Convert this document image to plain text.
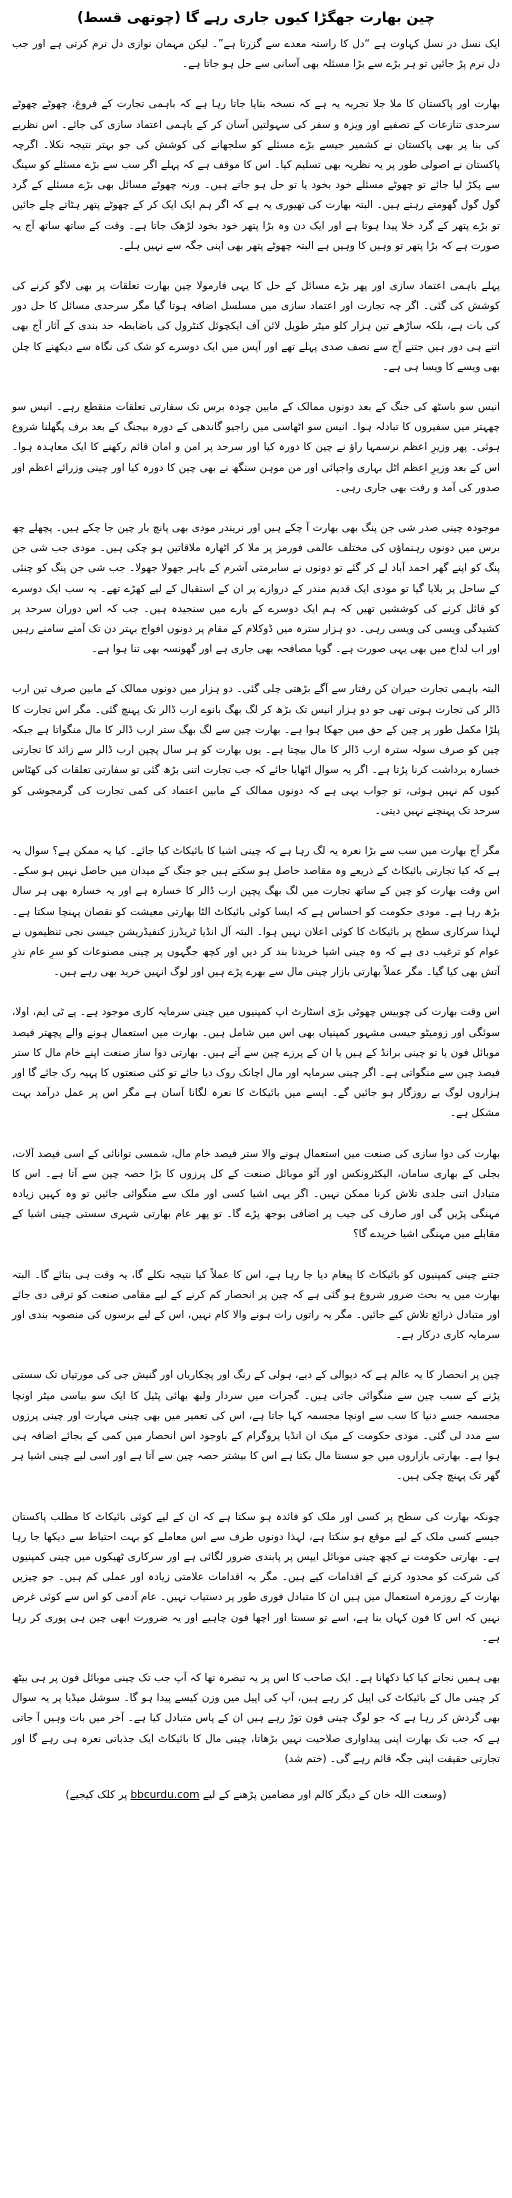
چین بھارت جھگڑا کیوں جاری رہے گا (چوتھی قسط)

ایک نسل در نسل کہاوت ہے “دل کا راستہ معدے سے گزرتا ہے”۔ لیکن مہمان نوازی دل نرم کرتی ہے اور جب دل نرم پڑ جائیں تو ہر بڑے سے بڑا مسئلہ بھی آسانی سے حل ہو جاتا ہے۔

بھارت اور پاکستان کا ملا جلا تجربہ یہ ہے کہ نسخہ بتایا جاتا رہا ہے کہ باہمی تجارت کے فروغ، چھوٹے چھوٹے سرحدی تنازعات کے تصفیے اور ویزہ و سفر کی سہولتیں آسان کر کے باہمی اعتماد سازی کی جائے۔ اس نظریے کی بنا پر بھی پاکستان نے کشمیر جیسے بڑے مسئلے کو سلجھانے کی کوشش کی جو بہتر نتیجہ نکلا۔ اگرچہ پاکستان نے اصولی طور پر یہ نظریہ بھی تسلیم کیا۔ اس کا موقف ہے کہ پہلے اگر سب سے بڑے مسئلے کو سینگ سے پکڑ لیا جائے تو چھوٹے مسئلے خود بخود یا تو حل ہو جاتے ہیں۔ ورنہ چھوٹے مسائل بھی بڑے مسئلے کے گرد گول گول گھومتے رہتے ہیں۔ البتہ بھارت کی تھیوری یہ ہے کہ اگر ہم ایک ایک کر کے چھوٹے پتھر ہٹاتے چلے جائیں تو بڑے پتھر کے گرد خلا پیدا ہوتا ہے اور ایک دن وہ بڑا پتھر خود بخود لڑھک جاتا ہے۔ وقت کے ساتھ ساتھ آج یہ صورت ہے کہ بڑا پتھر تو وہیں کا وہیں ہے البتہ چھوٹے پتھر بھی اپنی جگہ سے نہیں ہلے۔

پہلے باہمی اعتماد سازی اور پھر بڑے مسائل کے حل کا یہی فارمولا چین بھارت تعلقات پر بھی لاگو کرنے کی کوشش کی گئی۔ اگر چہ تجارت اور اعتماد سازی میں مسلسل اضافہ ہوتا گیا مگر سرحدی مسائل کا حل دور کی بات ہے، بلکہ ساڑھے تین ہزار کلو میٹر طویل لائن آف ایکچوئل کنٹرول کی باضابطہ حد بندی کے آثار آج بھی اتنے ہی دور ہیں جتنے آج سے نصف صدی پہلے تھے اور آپس میں ایک دوسرے کو شک کی نگاہ سے دیکھنے کا چلن بھی ویسے کا ویسا ہی ہے۔

انیس سو باسٹھ کی جنگ کے بعد دونوں ممالک کے مابین چودہ برس تک سفارتی تعلقات منقطع رہے۔ انیس سو چھہتر میں سفیروں کا تبادلہ ہوا۔ انیس سو اٹھاسی میں راجیو گاندھی کے دورہ بیجنگ کے بعد برف پگھلنا شروع ہوئی۔ پھر وزیرِ اعظم نرسمہا راؤ نے چین کا دورہ کیا اور سرحد پر امن و امان قائم رکھنے کا ایک معاہدہ ہوا۔ اس کے بعد وزیرِ اعظم اٹل بہاری واجپائی اور من موہن سنگھ نے بھی چین کا دورہ کیا اور چینی وزرائے اعظم اور صدور کی آمد و رفت بھی جاری رہی۔

موجودہ چینی صدر شی جن پنگ بھی بھارت آ چکے ہیں اور نریندر مودی بھی پانچ بار چین جا چکے ہیں۔ پچھلے چھ برس میں دونوں رہنماؤں کی مختلف عالمی فورمز پر ملا کر اٹھارہ ملاقاتیں ہو چکی ہیں۔ مودی جب شی جن پنگ کو اپنے گھر احمد آباد لے کر گئے تو دونوں نے سابرمتی آشرم کے باہر جھولا جھولا۔ جب شی جن پنگ کو چنئی کے ساحل پر بلایا گیا تو مودی ایک قدیم مندر کے دروازے پر ان کے استقبال کے لیے کھڑے تھے۔ یہ سب ایک دوسرے کو قائل کرنے کی کوششیں تھیں کہ ہم ایک دوسرے کے بارے میں سنجیدہ ہیں۔ جب کہ اس دوران سرحد پر کشیدگی ویسی کی ویسی رہی۔ دو ہزار سترہ میں ڈوکلام کے مقام پر دونوں افواج بہتر دن تک آمنے سامنے رہیں اور اب لداخ میں بھی یہی صورت ہے۔ گویا مصافحہ بھی جاری ہے اور گھونسہ بھی تنا ہوا ہے۔

البتہ باہمی تجارت حیران کن رفتار سے آگے بڑھتی چلی گئی۔ دو ہزار میں دونوں ممالک کے مابین صرف تین ارب ڈالر کی تجارت ہوتی تھی جو دو ہزار انیس تک بڑھ کر لگ بھگ بانوے ارب ڈالر تک پہنچ گئی۔ مگر اس تجارت کا پلڑا مکمل طور پر چین کے حق میں جھکا ہوا ہے۔ بھارت چین سے لگ بھگ ستر ارب ڈالر کا مال منگواتا ہے جبکہ چین کو صرف سولہ سترہ ارب ڈالر کا مال بیچتا ہے۔ یوں بھارت کو ہر سال پچپن ارب ڈالر سے زائد کا تجارتی خسارہ برداشت کرنا پڑتا ہے۔ اگر یہ سوال اٹھایا جائے کہ جب تجارت اتنی بڑھ گئی تو سفارتی تعلقات کی کھٹاس کیوں کم نہیں ہوئی، تو جواب یہی ہے کہ دونوں ممالک کے مابین اعتماد کی کمی تجارت کی گرمجوشی کو سرحد تک پہنچنے نہیں دیتی۔

مگر آج بھارت میں سب سے بڑا نعرہ یہ لگ رہا ہے کہ چینی اشیا کا بائیکاٹ کیا جائے۔ کیا یہ ممکن ہے؟ سوال یہ ہے کہ کیا تجارتی بائیکاٹ کے ذریعے وہ مقاصد حاصل ہو سکتے ہیں جو جنگ کے میدان میں حاصل نہیں ہو سکے۔ اس وقت بھارت کو چین کے ساتھ تجارت میں لگ بھگ پچپن ارب ڈالر کا خسارہ ہے اور یہ خسارہ بھی ہر سال بڑھ رہا ہے۔ مودی حکومت کو احساس ہے کہ ایسا کوئی بائیکاٹ الٹا بھارتی معیشت کو نقصان پہنچا سکتا ہے۔ لہذا سرکاری سطح پر بائیکاٹ کا کوئی اعلان نہیں ہوا۔ البتہ آل انڈیا ٹریڈرز کنفیڈریشن جیسی نجی تنظیموں نے عوام کو ترغیب دی ہے کہ وہ چینی اشیا خریدنا بند کر دیں اور کچھ جگہوں پر چینی مصنوعات کو سرِ عام نذرِ آتش بھی کیا گیا۔ مگر عملاً بھارتی بازار چینی مال سے بھرے پڑے ہیں اور لوگ انہیں خرید بھی رہے ہیں۔

اس وقت بھارت کی چوبیس چھوٹی بڑی اسٹارٹ اپ کمپنیوں میں چینی سرمایہ کاری موجود ہے۔ پے ٹی ایم، اولا، سوئگی اور زومیٹو جیسی مشہور کمپنیاں بھی اس میں شامل ہیں۔ بھارت میں استعمال ہونے والے پچھتر فیصد موبائل فون یا تو چینی برانڈ کے ہیں یا ان کے پرزے چین سے آتے ہیں۔ بھارتی دوا ساز صنعت اپنے خام مال کا ستر فیصد چین سے منگواتی ہے۔ اگر چینی سرمایہ اور مال اچانک روک دیا جائے تو کئی صنعتوں کا پہیہ رک جائے گا اور ہزاروں لوگ بے روزگار ہو جائیں گے۔ ایسے میں بائیکاٹ کا نعرہ لگانا آسان ہے مگر اس پر عمل درآمد بہت مشکل ہے۔

بھارت کی دوا سازی کی صنعت میں استعمال ہونے والا ستر فیصد خام مال، شمسی توانائی کے اسی فیصد آلات، بجلی کے بھاری سامان، الیکٹرونکس اور آٹو موبائل صنعت کے کل پرزوں کا بڑا حصہ چین سے آتا ہے۔ اس کا متبادل اتنی جلدی تلاش کرنا ممکن نہیں۔ اگر یہی اشیا کسی اور ملک سے منگوائی جائیں تو وہ کہیں زیادہ مہنگی پڑیں گی اور صارف کی جیب پر اضافی بوجھ پڑے گا۔ تو پھر عام بھارتی شہری سستی چینی اشیا کے مقابلے میں مہنگی اشیا خریدے گا؟

جتنے چینی کمپنیوں کو بائیکاٹ کا پیغام دیا جا رہا ہے، اس کا عملاً کیا نتیجہ نکلے گا، یہ وقت ہی بتائے گا۔ البتہ بھارت میں یہ بحث ضرور شروع ہو گئی ہے کہ چین پر انحصار کم کرنے کے لیے مقامی صنعت کو ترقی دی جائے اور متبادل ذرائع تلاش کیے جائیں۔ مگر یہ راتوں رات ہونے والا کام نہیں، اس کے لیے برسوں کی منصوبہ بندی اور سرمایہ کاری درکار ہے۔

چین پر انحصار کا یہ عالم ہے کہ دیوالی کے دیے، ہولی کے رنگ اور پچکاریاں اور گنیش جی کی مورتیاں تک سستی پڑنے کے سبب چین سے منگوائی جاتی ہیں۔ گجرات میں سردار ولبھ بھائی پٹیل کا ایک سو بیاسی میٹر اونچا مجسمہ جسے دنیا کا سب سے اونچا مجسمہ کہا جاتا ہے، اس کی تعمیر میں بھی چینی مہارت اور چینی پرزوں سے مدد لی گئی۔ مودی حکومت کے میک ان انڈیا پروگرام کے باوجود اس انحصار میں کمی کے بجائے اضافہ ہی ہوا ہے۔ بھارتی بازاروں میں جو سستا مال بکتا ہے اس کا بیشتر حصہ چین سے آتا ہے اور اسی لیے چینی اشیا ہر گھر تک پہنچ چکی ہیں۔

چونکہ بھارت کی سطح پر کسی اور ملک کو فائدہ ہو سکتا ہے کہ ان کے لیے کوئی بائیکاٹ کا مطلب پاکستان جیسے کسی ملک کے لیے موقع ہو سکتا ہے، لہذا دونوں طرف سے اس معاملے کو بہت احتیاط سے دیکھا جا رہا ہے۔ بھارتی حکومت نے کچھ چینی موبائل ایپس پر پابندی ضرور لگائی ہے اور سرکاری ٹھیکوں میں چینی کمپنیوں کی شرکت کو محدود کرنے کے اقدامات کیے ہیں۔ مگر یہ اقدامات علامتی زیادہ اور عملی کم ہیں۔ جو چیزیں بھارت کے روزمرہ استعمال میں ہیں ان کا متبادل فوری طور پر دستیاب نہیں۔ عام آدمی کو اس سے کوئی غرض نہیں کہ اس کا فون کہاں بنا ہے، اسے تو سستا اور اچھا فون چاہیے اور یہ ضرورت ابھی چین ہی پوری کر رہا ہے۔

بھی ہمیں نجانے کیا کیا دکھانا ہے۔ ایک صاحب کا اس پر یہ تبصرہ تھا کہ آپ جب تک چینی موبائل فون پر ہی بیٹھ کر چینی مال کے بائیکاٹ کی اپیل کر رہے ہیں، آپ کی اپیل میں وزن کیسے پیدا ہو گا۔ سوشل میڈیا پر یہ سوال بھی گردش کر رہا ہے کہ جو لوگ چینی فون توڑ رہے ہیں ان کے پاس متبادل کیا ہے۔ آخر میں بات وہیں آ جاتی ہے کہ جب تک بھارت اپنی پیداواری صلاحیت نہیں بڑھاتا، چینی مال کا بائیکاٹ ایک جذباتی نعرہ ہی رہے گا اور تجارتی حقیقت اپنی جگہ قائم رہے گی۔ (ختم شد)

(وسعت اللہ خان کے دیگر کالم اور مضامین پڑھنے کے لیے bbcurdu.com پر کلک کیجیے)
